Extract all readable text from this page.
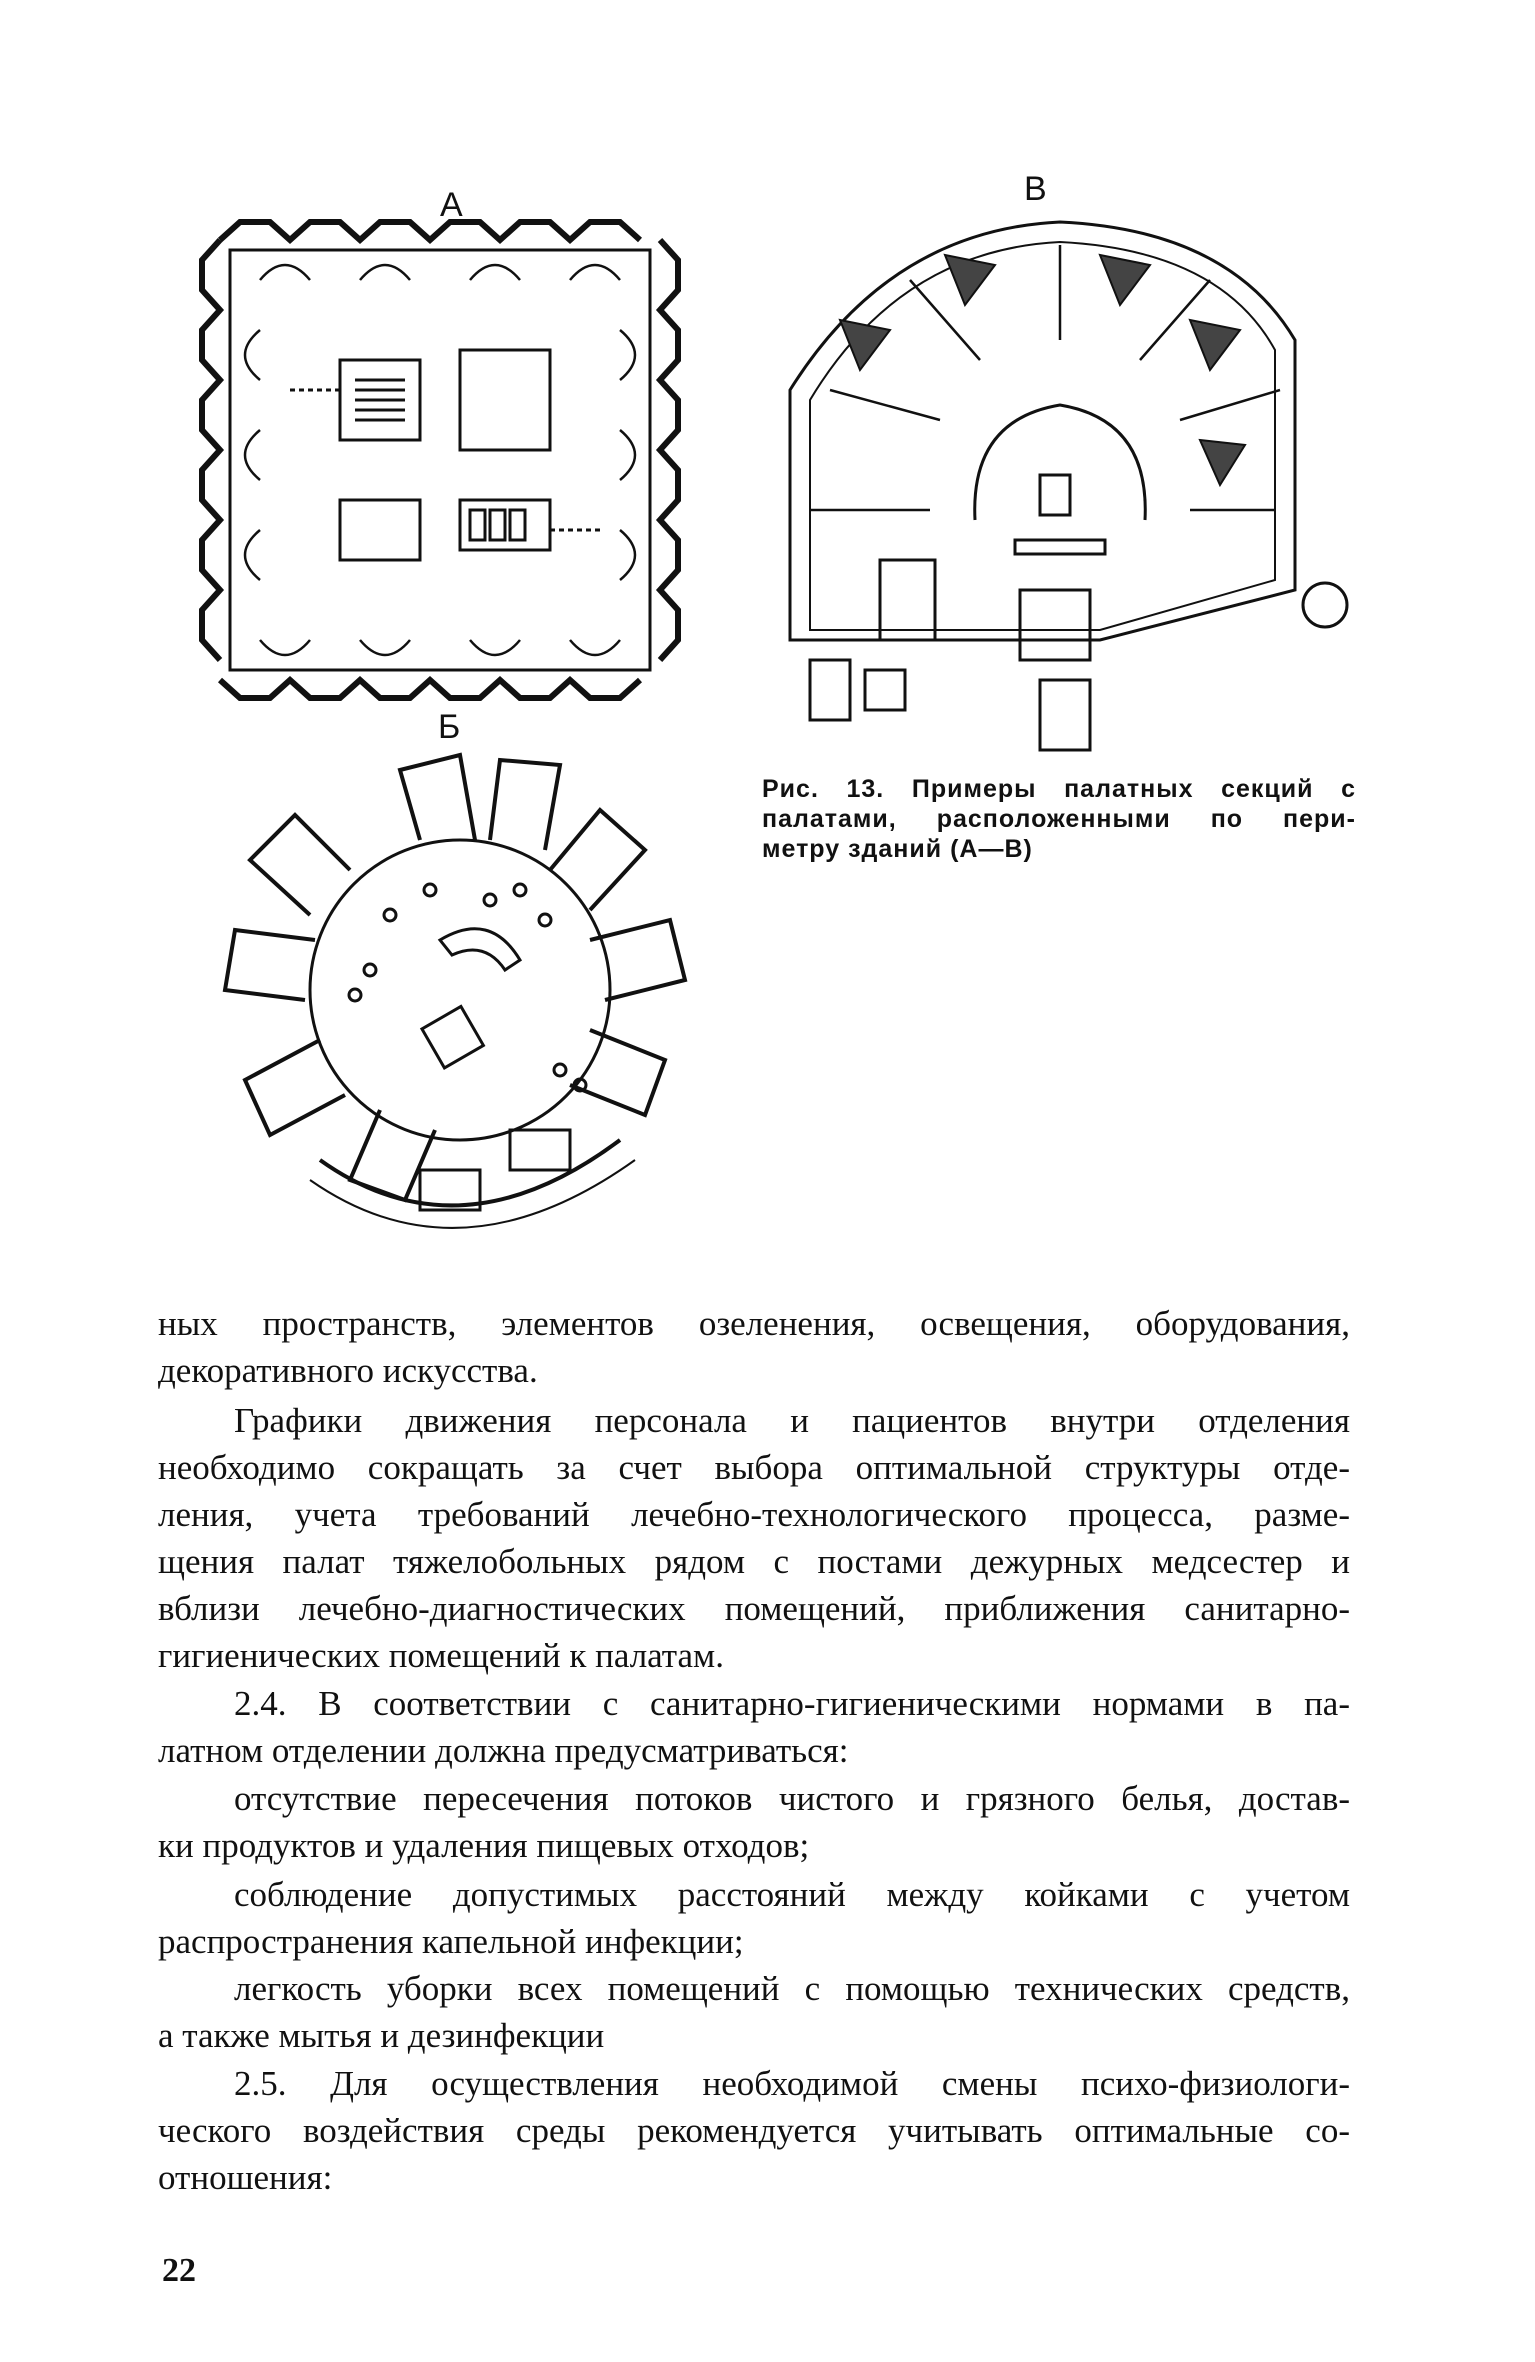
А
Б
В
Рис. 13. Примеры палатных секций с
палатами, расположенными по пери-
метру зданий (А—В)
ных пространств, элементов озеленения, освещения, оборудования,
декоративного искусства.
Графики движения персонала и пациентов внутри отделения
необходимо сокращать за счет выбора оптимальной структуры отде-
ления, учета требований лечебно-технологического процесса, разме-
щения палат тяжелобольных рядом с постами дежурных медсестер и
вблизи лечебно-диагностических помещений, приближения санитарно-
гигиенических помещений к палатам.
2.4. В соответствии с санитарно-гигиеническими нормами в па-
латном отделении должна предусматриваться:
отсутствие пересечения потоков чистого и грязного белья, достав-
ки продуктов и удаления пищевых отходов;
соблюдение допустимых расстояний между койками с учетом
распространения капельной инфекции;
легкость уборки всех помещений с помощью технических средств,
а также мытья и дезинфекции
2.5. Для осуществления необходимой смены психо-физиологи-
ческого воздействия среды рекомендуется учитывать оптимальные со-
отношения:
22
